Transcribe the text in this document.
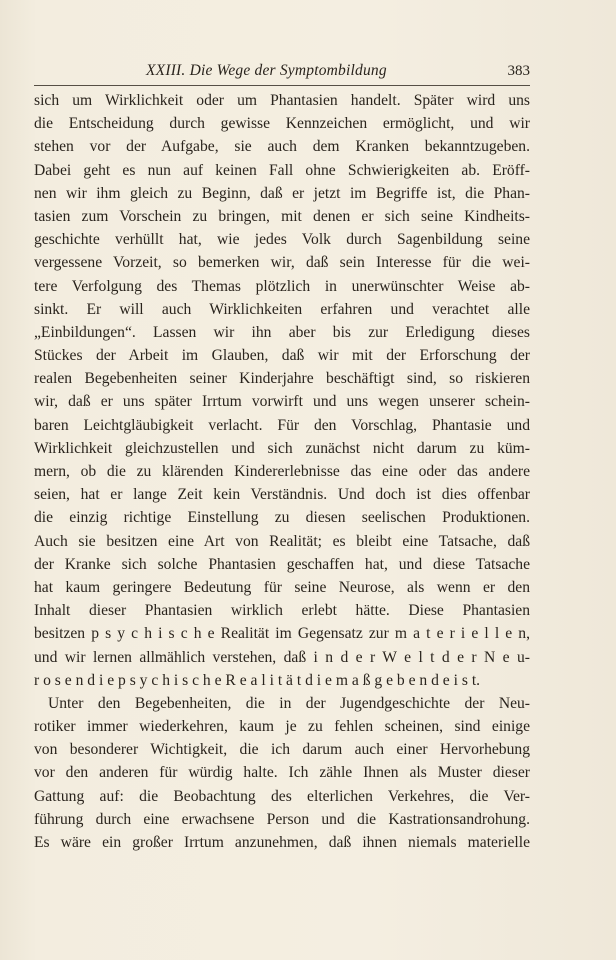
XXIII. Die Wege der Symptombildung	383
sich um Wirklichkeit oder um Phantasien handelt. Später wird uns
die Entscheidung durch gewisse Kennzeichen ermöglicht, und wir
stehen vor der Aufgabe, sie auch dem Kranken bekanntzugeben.
Dabei geht es nun auf keinen Fall ohne Schwierigkeiten ab. Eröff-
nen wir ihm gleich zu Beginn, daß er jetzt im Begriffe ist, die Phan-
tasien zum Vorschein zu bringen, mit denen er sich seine Kindheits-
geschichte verhüllt hat, wie jedes Volk durch Sagenbildung seine
vergessene Vorzeit, so bemerken wir, daß sein Interesse für die wei-
tere Verfolgung des Themas plötzlich in unerwünschter Weise ab-
sinkt. Er will auch Wirklichkeiten erfahren und verachtet alle
„Einbildungen“. Lassen wir ihn aber bis zur Erledigung dieses
Stückes der Arbeit im Glauben, daß wir mit der Erforschung der
realen Begebenheiten seiner Kinderjahre beschäftigt sind, so riskieren
wir, daß er uns später Irrtum vorwirft und uns wegen unserer schein-
baren Leichtgläubigkeit verlacht. Für den Vorschlag, Phantasie und
Wirklichkeit gleichzustellen und sich zunächst nicht darum zu küm-
mern, ob die zu klärenden Kindererlebnisse das eine oder das andere
seien, hat er lange Zeit kein Verständnis. Und doch ist dies offenbar
die einzig richtige Einstellung zu diesen seelischen Produktionen.
Auch sie besitzen eine Art von Realität; es bleibt eine Tatsache, daß
der Kranke sich solche Phantasien geschaffen hat, und diese Tatsache
hat kaum geringere Bedeutung für seine Neurose, als wenn er den
Inhalt dieser Phantasien wirklich erlebt hätte. Diese Phantasien
besitzen p s y c h i s c h e Realität im Gegensatz zur m a t e r i e l l e n,
und wir lernen allmählich verstehen, daß i n d e r W e l t d e r N e u-
r o s e n d i e p s y c h i s c h e R e a l i t ä t d i e m a ß g e b e n d e i s t.
Unter den Begebenheiten, die in der Jugendgeschichte der Neu-
rotiker immer wiederkehren, kaum je zu fehlen scheinen, sind einige
von besonderer Wichtigkeit, die ich darum auch einer Hervorhebung
vor den anderen für würdig halte. Ich zähle Ihnen als Muster dieser
Gattung auf: die Beobachtung des elterlichen Verkehres, die Ver-
führung durch eine erwachsene Person und die Kastrationsandrohung.
Es wäre ein großer Irrtum anzunehmen, daß ihnen niemals materielle
